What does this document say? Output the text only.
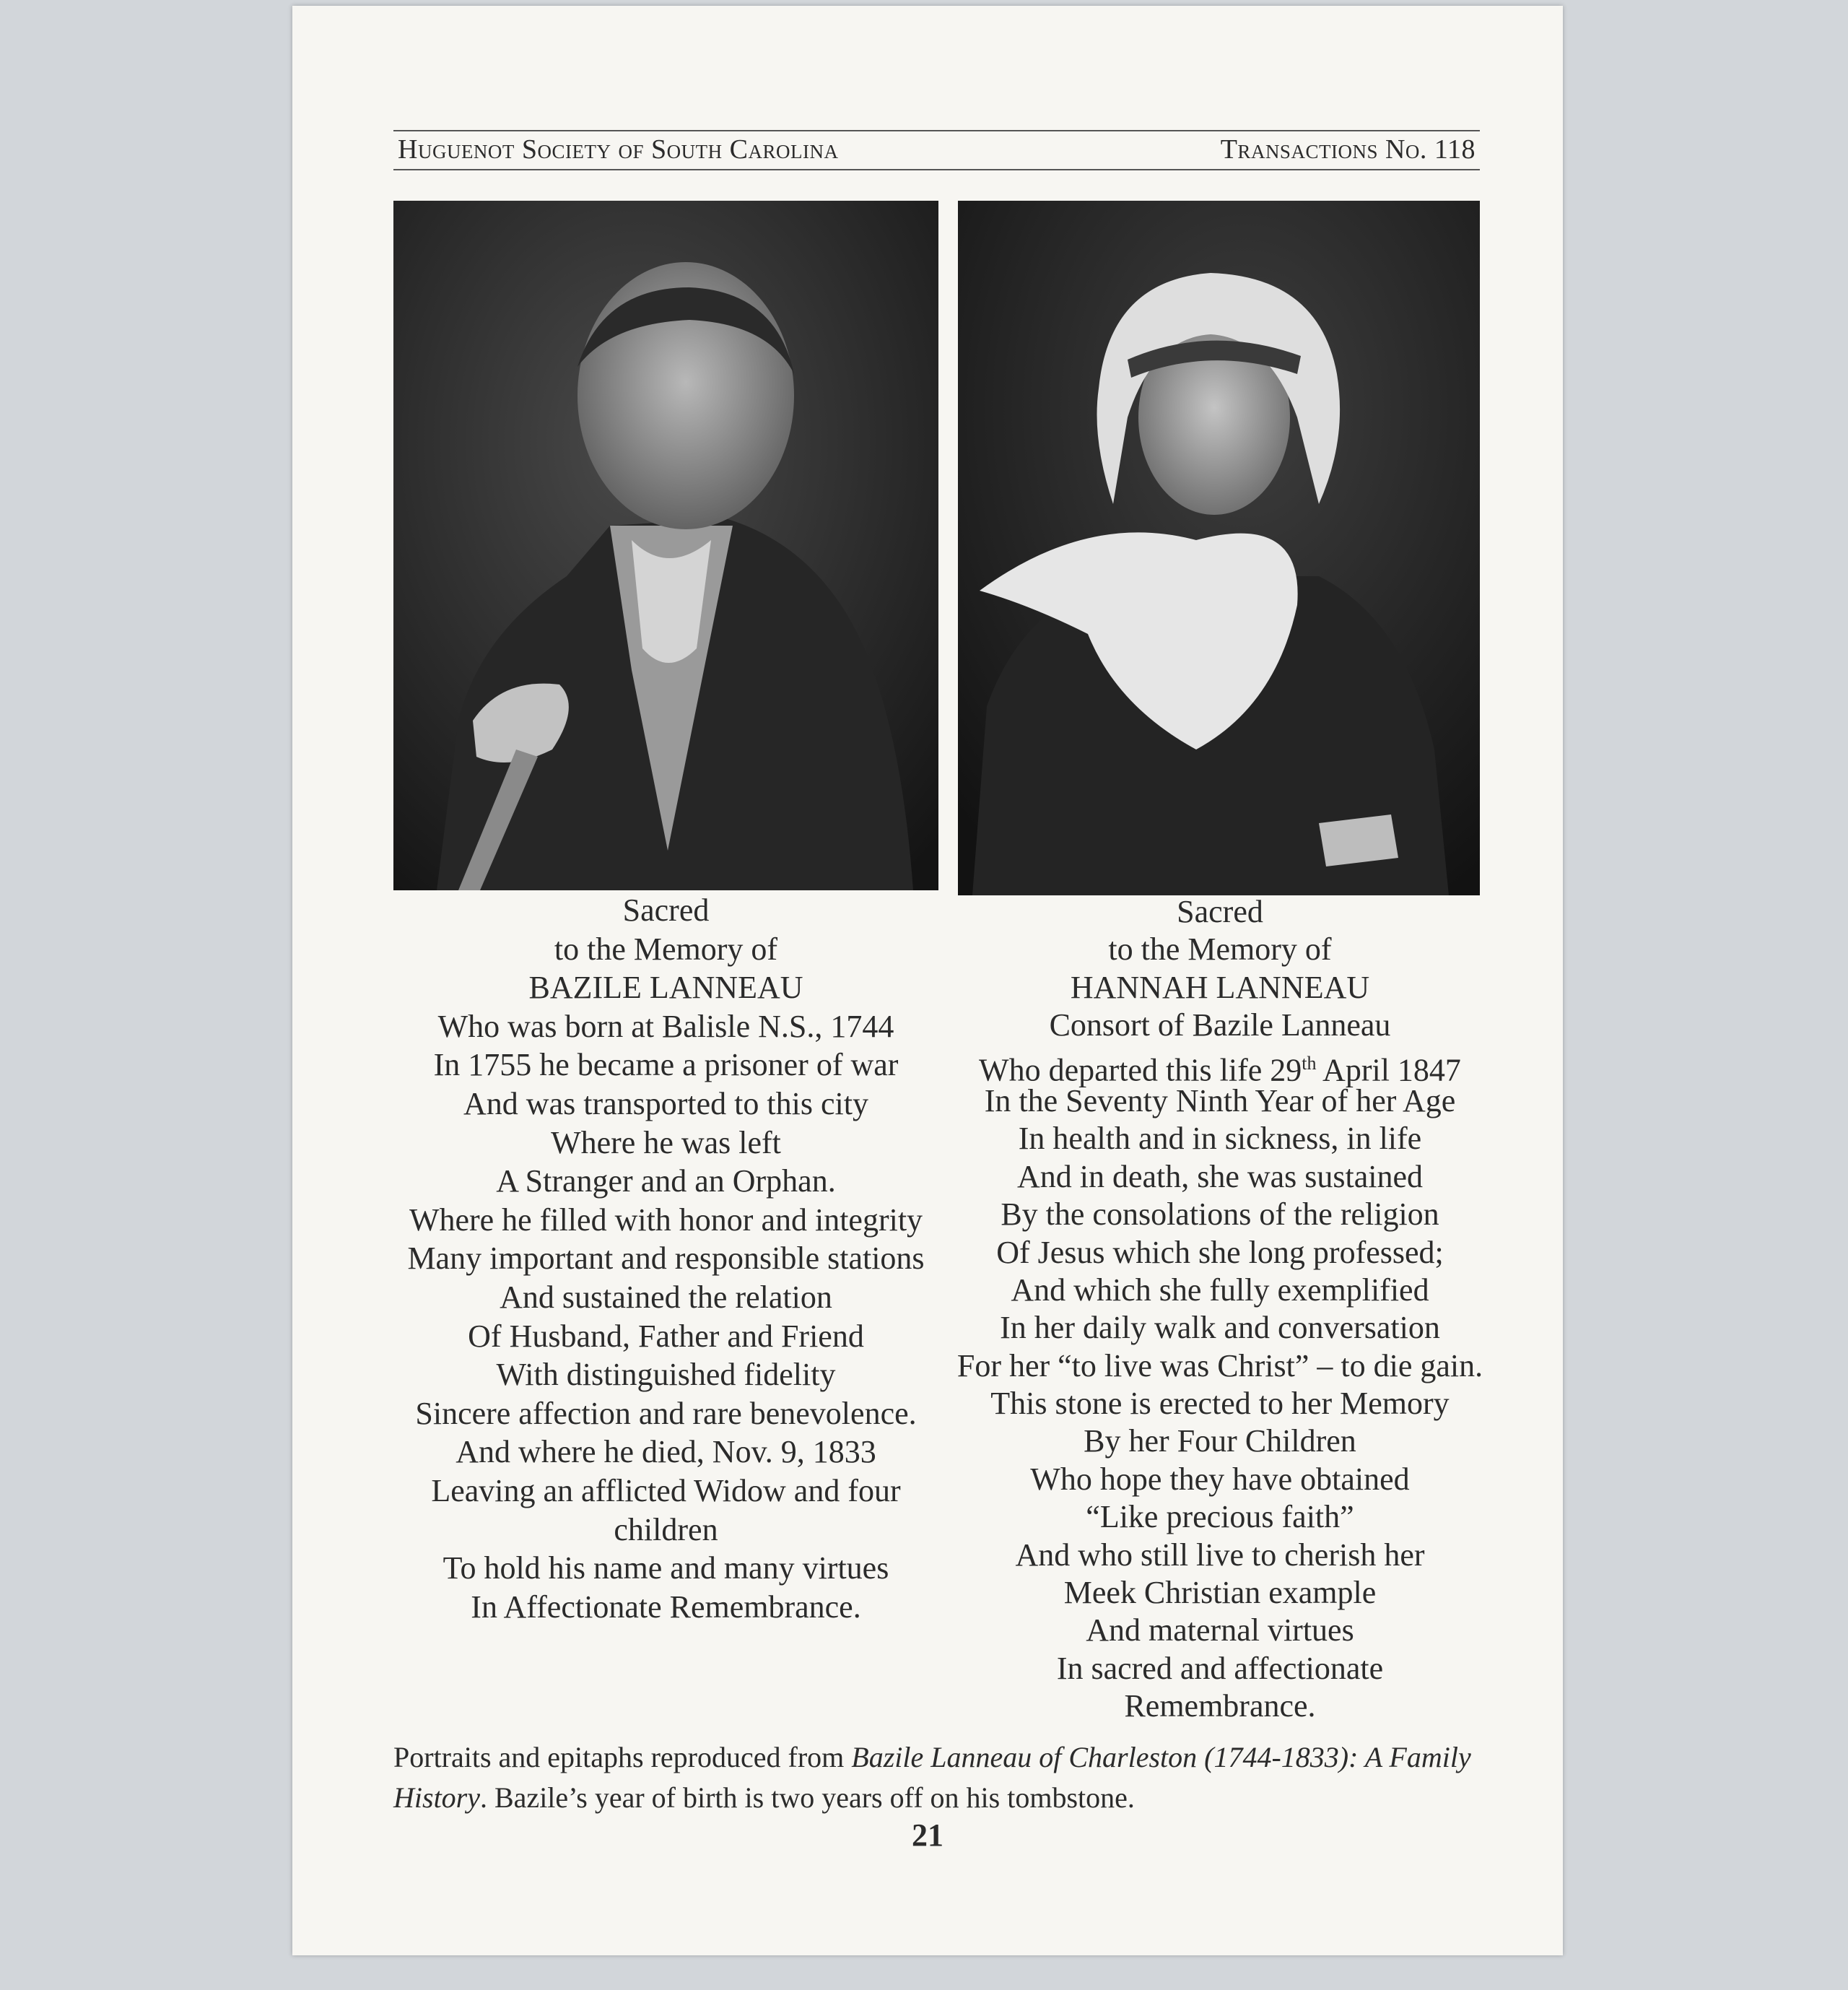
Huguenot Society of South Carolina	Transactions No. 118
Sacred
to the Memory of
BAZILE LANNEAU
Who was born at Balisle N.S., 1744
In 1755 he became a prisoner of war
And was transported to this city
Where he was left
A Stranger and an Orphan.
Where he filled with honor and integrity
Many important and responsible stations
And sustained the relation
Of Husband, Father and Friend
With distinguished fidelity
Sincere affection and rare benevolence.
And where he died, Nov. 9, 1833
Leaving an afflicted Widow and four
children
To hold his name and many virtues
In Affectionate Remembrance.
Sacred
to the Memory of
HANNAH LANNEAU
Consort of Bazile Lanneau
Who departed this life 29th April 1847
In the Seventy Ninth Year of her Age
In health and in sickness, in life
And in death, she was sustained
By the consolations of the religion
Of Jesus which she long professed;
And which she fully exemplified
In her daily walk and conversation
For her “to live was Christ” – to die gain.
This stone is erected to her Memory
By her Four Children
Who hope they have obtained
“Like precious faith”
And who still live to cherish her
Meek Christian example
And maternal virtues
In sacred and affectionate
Remembrance.
Portraits and epitaphs reproduced from Bazile Lanneau of Charleston (1744-1833): A Family History. Bazile’s year of birth is two years off on his tombstone.
21
